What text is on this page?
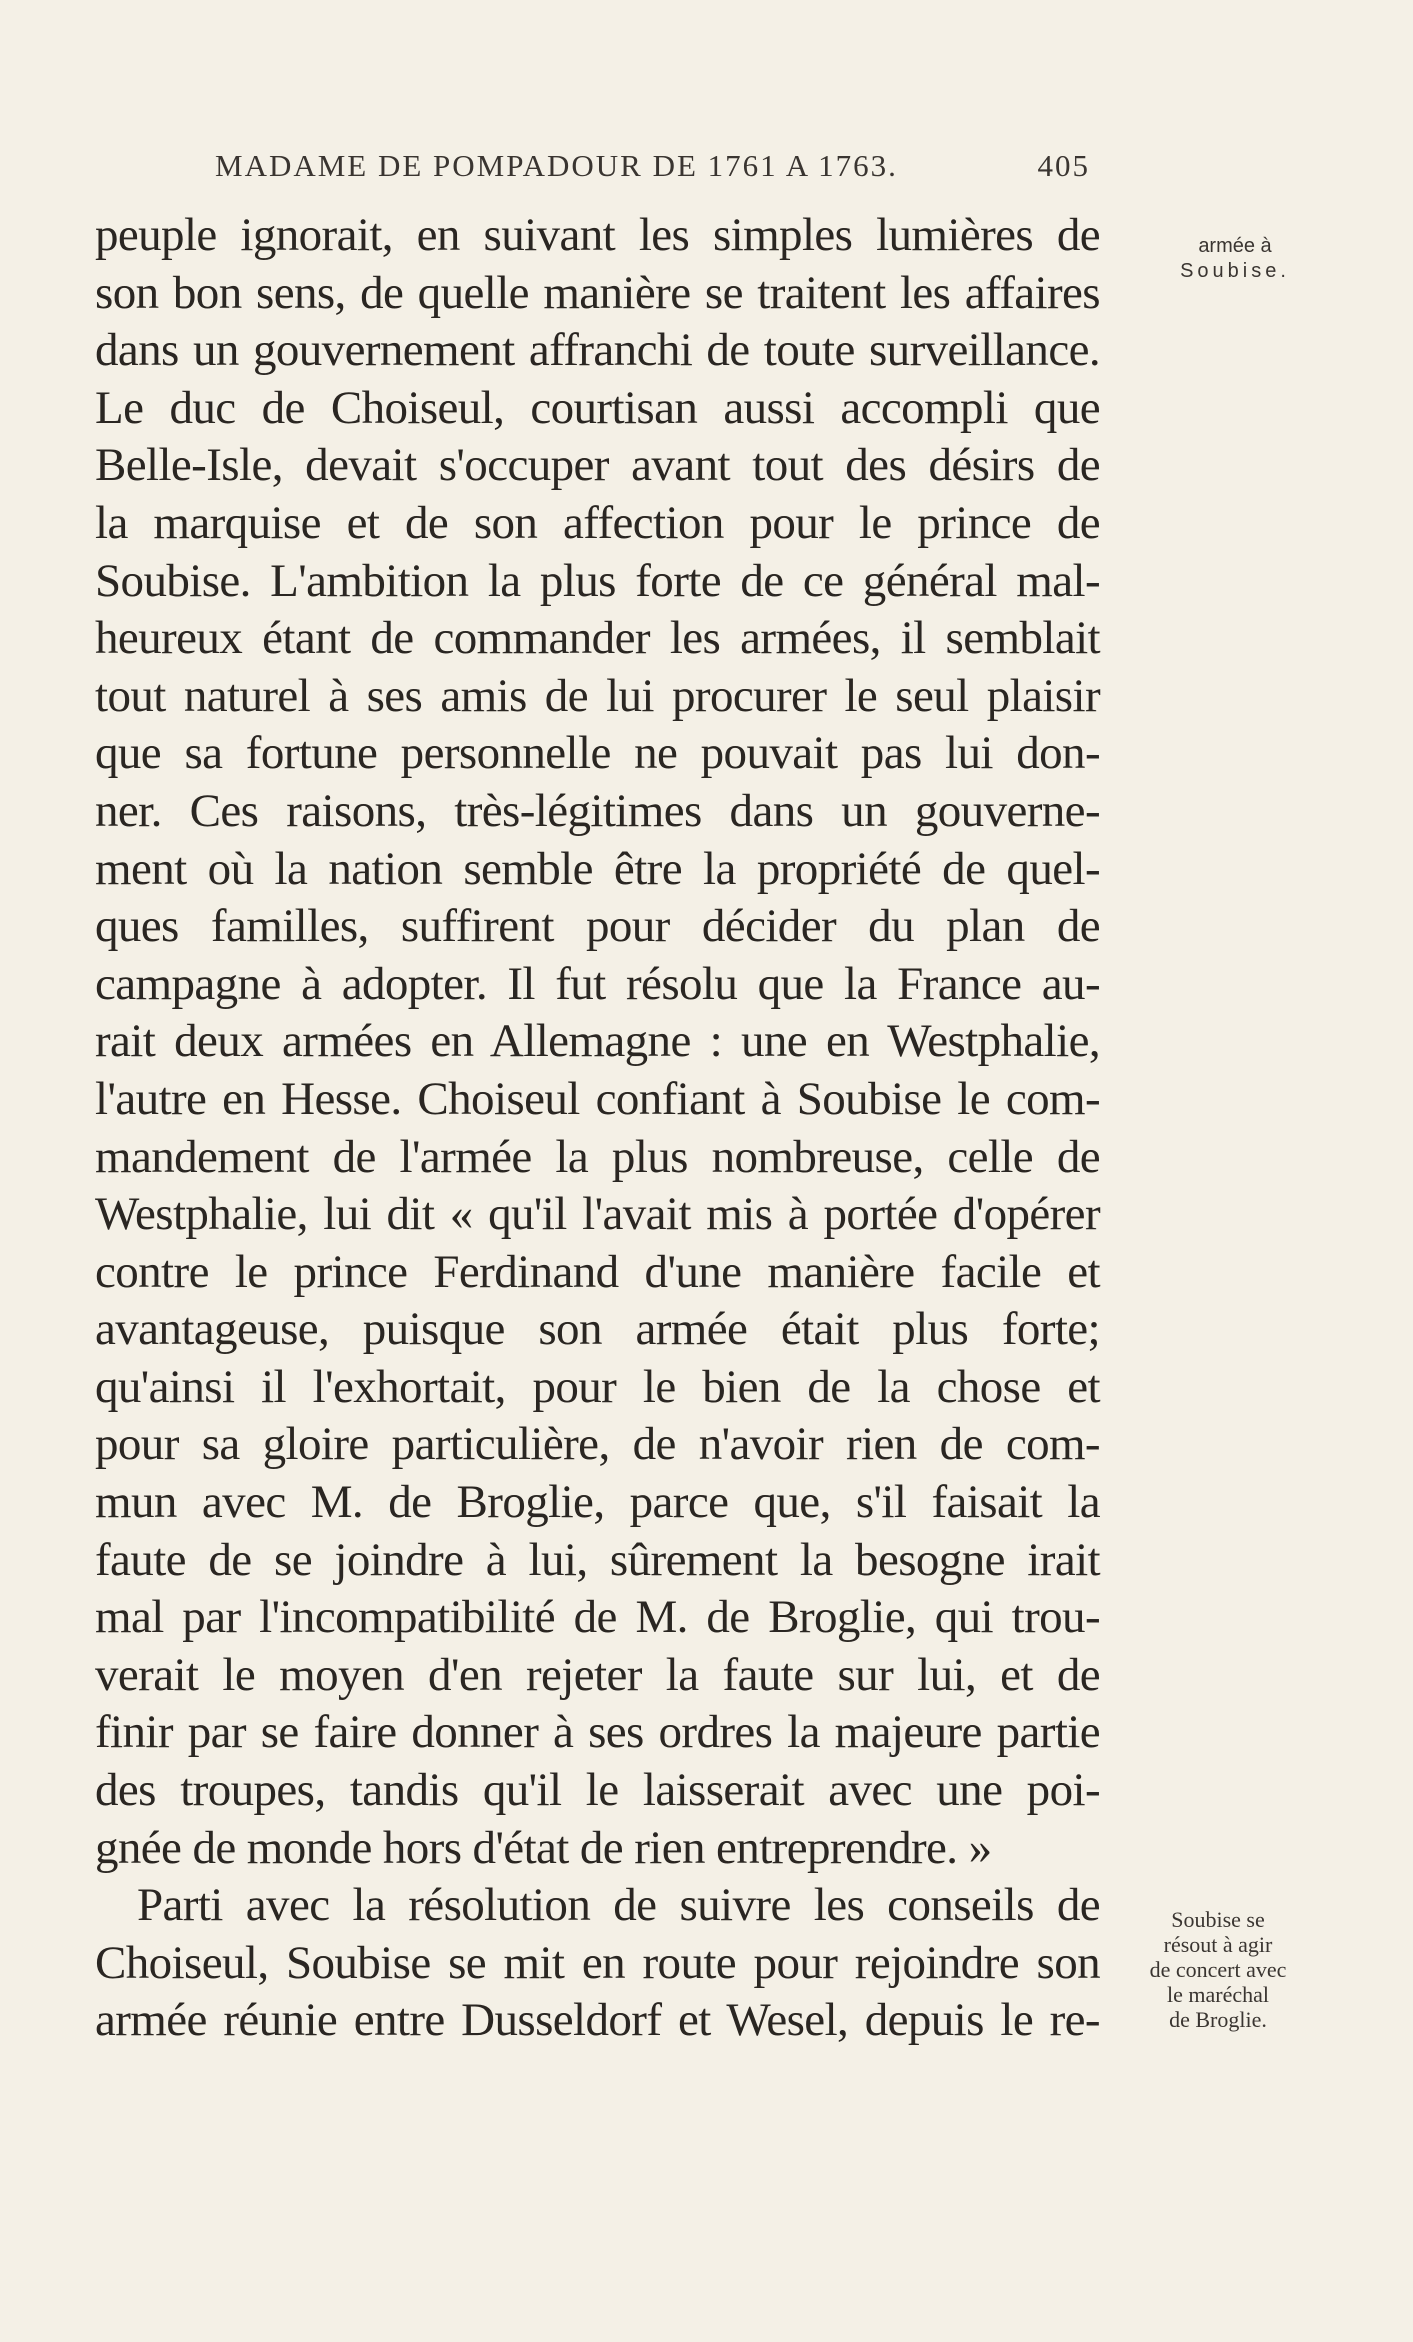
MADAME DE POMPADOUR DE 1761 A 1763.	405
armée à
Soubise.
Soubise se
résout à agir
de concert avec
le maréchal
de Broglie.
peuple ignorait, en suivant les simples lumières de
son bon sens, de quelle manière se traitent les affaires
dans un gouvernement affranchi de toute surveillance.
Le duc de Choiseul, courtisan aussi accompli que
Belle-Isle, devait s'occuper avant tout des désirs de
la marquise et de son affection pour le prince de
Soubise. L'ambition la plus forte de ce général mal-
heureux étant de commander les armées, il semblait
tout naturel à ses amis de lui procurer le seul plaisir
que sa fortune personnelle ne pouvait pas lui don-
ner. Ces raisons, très-légitimes dans un gouverne-
ment où la nation semble être la propriété de quel-
ques familles, suffirent pour décider du plan de
campagne à adopter. Il fut résolu que la France au-
rait deux armées en Allemagne : une en Westphalie,
l'autre en Hesse. Choiseul confiant à Soubise le com-
mandement de l'armée la plus nombreuse, celle de
Westphalie, lui dit « qu'il l'avait mis à portée d'opérer
contre le prince Ferdinand d'une manière facile et
avantageuse, puisque son armée était plus forte;
qu'ainsi il l'exhortait, pour le bien de la chose et
pour sa gloire particulière, de n'avoir rien de com-
mun avec M. de Broglie, parce que, s'il faisait la
faute de se joindre à lui, sûrement la besogne irait
mal par l'incompatibilité de M. de Broglie, qui trou-
verait le moyen d'en rejeter la faute sur lui, et de
finir par se faire donner à ses ordres la majeure partie
des troupes, tandis qu'il le laisserait avec une poi-
gnée de monde hors d'état de rien entreprendre. »
Parti avec la résolution de suivre les conseils de
Choiseul, Soubise se mit en route pour rejoindre son
armée réunie entre Dusseldorf et Wesel, depuis le re-
